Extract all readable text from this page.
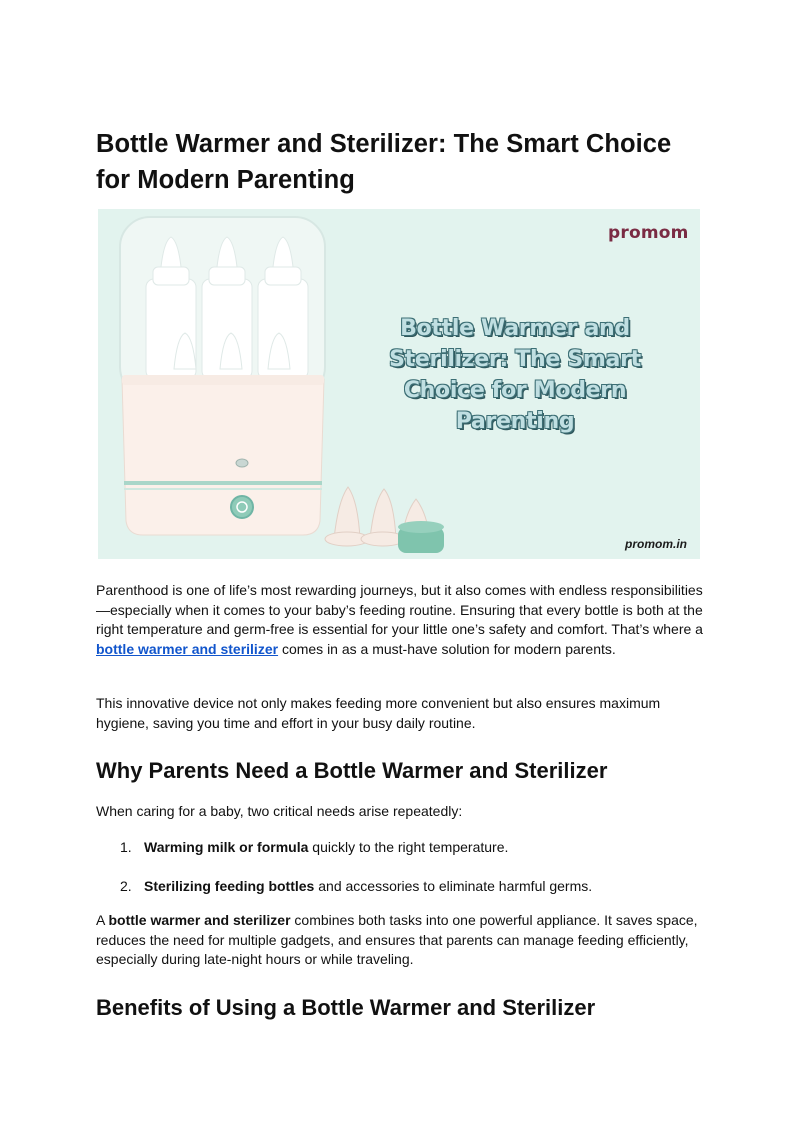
Bottle Warmer and Sterilizer: The Smart Choice for Modern Parenting
promom
Bottle Warmer and Sterilizer: The Smart Choice for Modern Parenting
promom.in

Parenthood is one of life’s most rewarding journeys, but it also comes with endless responsibilities—especially when it comes to your baby’s feeding routine. Ensuring that every bottle is both at the right temperature and germ-free is essential for your little one’s safety and comfort. That’s where a bottle warmer and sterilizer comes in as a must-have solution for modern parents.

This innovative device not only makes feeding more convenient but also ensures maximum hygiene, saving you time and effort in your busy daily routine.

Why Parents Need a Bottle Warmer and Sterilizer

When caring for a baby, two critical needs arise repeatedly:

1. Warming milk or formula quickly to the right temperature.
2. Sterilizing feeding bottles and accessories to eliminate harmful germs.

A bottle warmer and sterilizer combines both tasks into one powerful appliance. It saves space, reduces the need for multiple gadgets, and ensures that parents can manage feeding efficiently, especially during late-night hours or while traveling.

Benefits of Using a Bottle Warmer and Sterilizer
